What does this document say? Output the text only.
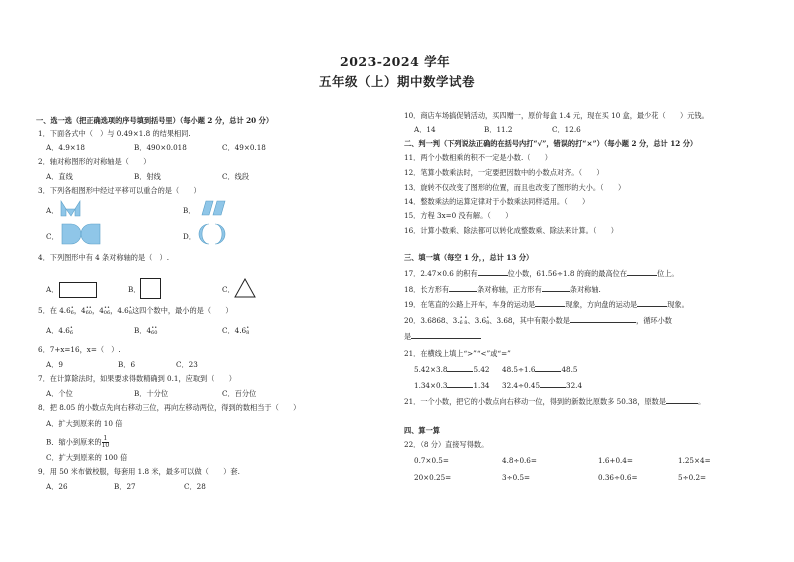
2023-2024 学年
五年级（上）期中数学试卷
一、选一选（把正确选项的序号填到括号里）（每小题 2 分，总计 20 分）
1．下面各式中（　）与 0.49×1.8 的结果相同.
A．4.9×18	B．490×0.018	C．49×0.18
2．轴对称图形的对称轴是（　　）
A．直线	B．射线	C．线段
3．下列各组图形中经过平移可以重合的是（　　）
A．	B．
C．	D．
4．下列图形中有 4 条对称轴的是（　）.
A．	B．	C．
5．在 4.6 •
6 ，4 ••
60 ，4 ••
06 ，4.6 •
8 这四个数中，最小的是（　　）
A．4.6 •
6	B．4 ••
60	C．4.6 •
8
6．7+x=16，x=（　）.
A．9	B．6	C．23
7．在计算除法时，如果要求得数精确到 0.1，应取到（　　）
A．个位	B．十分位	C．百分位
8．把 8.05 的小数点先向右移动三位，再向左移动两位，得到的数相当于（　　）
A．扩大到原来的 10 倍
B．缩小到原来的 $\frac{1}{10}$
C．扩大到原来的 100 倍
9．用 50 米布做校服，每套用 1.8 米，最多可以做（　　）套.
A．26	B．27	C．28
10．商店车场搞促销活动，买四赠一，原价每盒 1.4 元，现在买 10 盒，最少花（　　）元钱。
A．14	B．11.2	C．12.6
二、判一判（下列说法正确的在括号内打“√”，错误的打“×”）（每小题 2 分，总计 12 分）
11．两个小数相乘的积不一定是小数.（　　）
12．笔算小数乘法时，一定要把因数中的小数点对齐。（　　）
13．旋转不仅改变了图形的位置，而且也改变了图形的大小。（　　）
14．整数乘法的运算定律对于小数乘法同样适用。（　　）
15．方程 3x=0 没有解。（　　）
16．计算小数乘、除法都可以转化成整数乘、除法来计算。（　　）
三、填一填（每空 1 分，，总计 13 分）
17．2.47×0.6 的积有	位小数，61.56÷1.8 的商的最高位在	位上。
18．长方形有	条对称轴，正方形有	条对称轴.
19．在笔直的公路上开车，车身的运动是	现象，方向盘的运动是	现象。
20．3.6868、3. • •
6 8 、3.6 •
8 、3.68，其中有限小数是	，循环小数
是
21．在横线上填上“>”“<”或“=”
5.42×3.8	5.42 48.5÷1.6	48.5
1.34×0.3	1.34 32.4÷0.45	32.4
21．一个小数，把它的小数点向右移动一位，得到的新数比原数多 50.38，原数是	。
四、算一算
22．（8 分）直接写得数。
0.7×0.5=	4.8÷0.6=	1.6+0.4=	1.25×4=
20×0.25=	3÷0.5=	0.36÷0.6=	5÷0.2=
